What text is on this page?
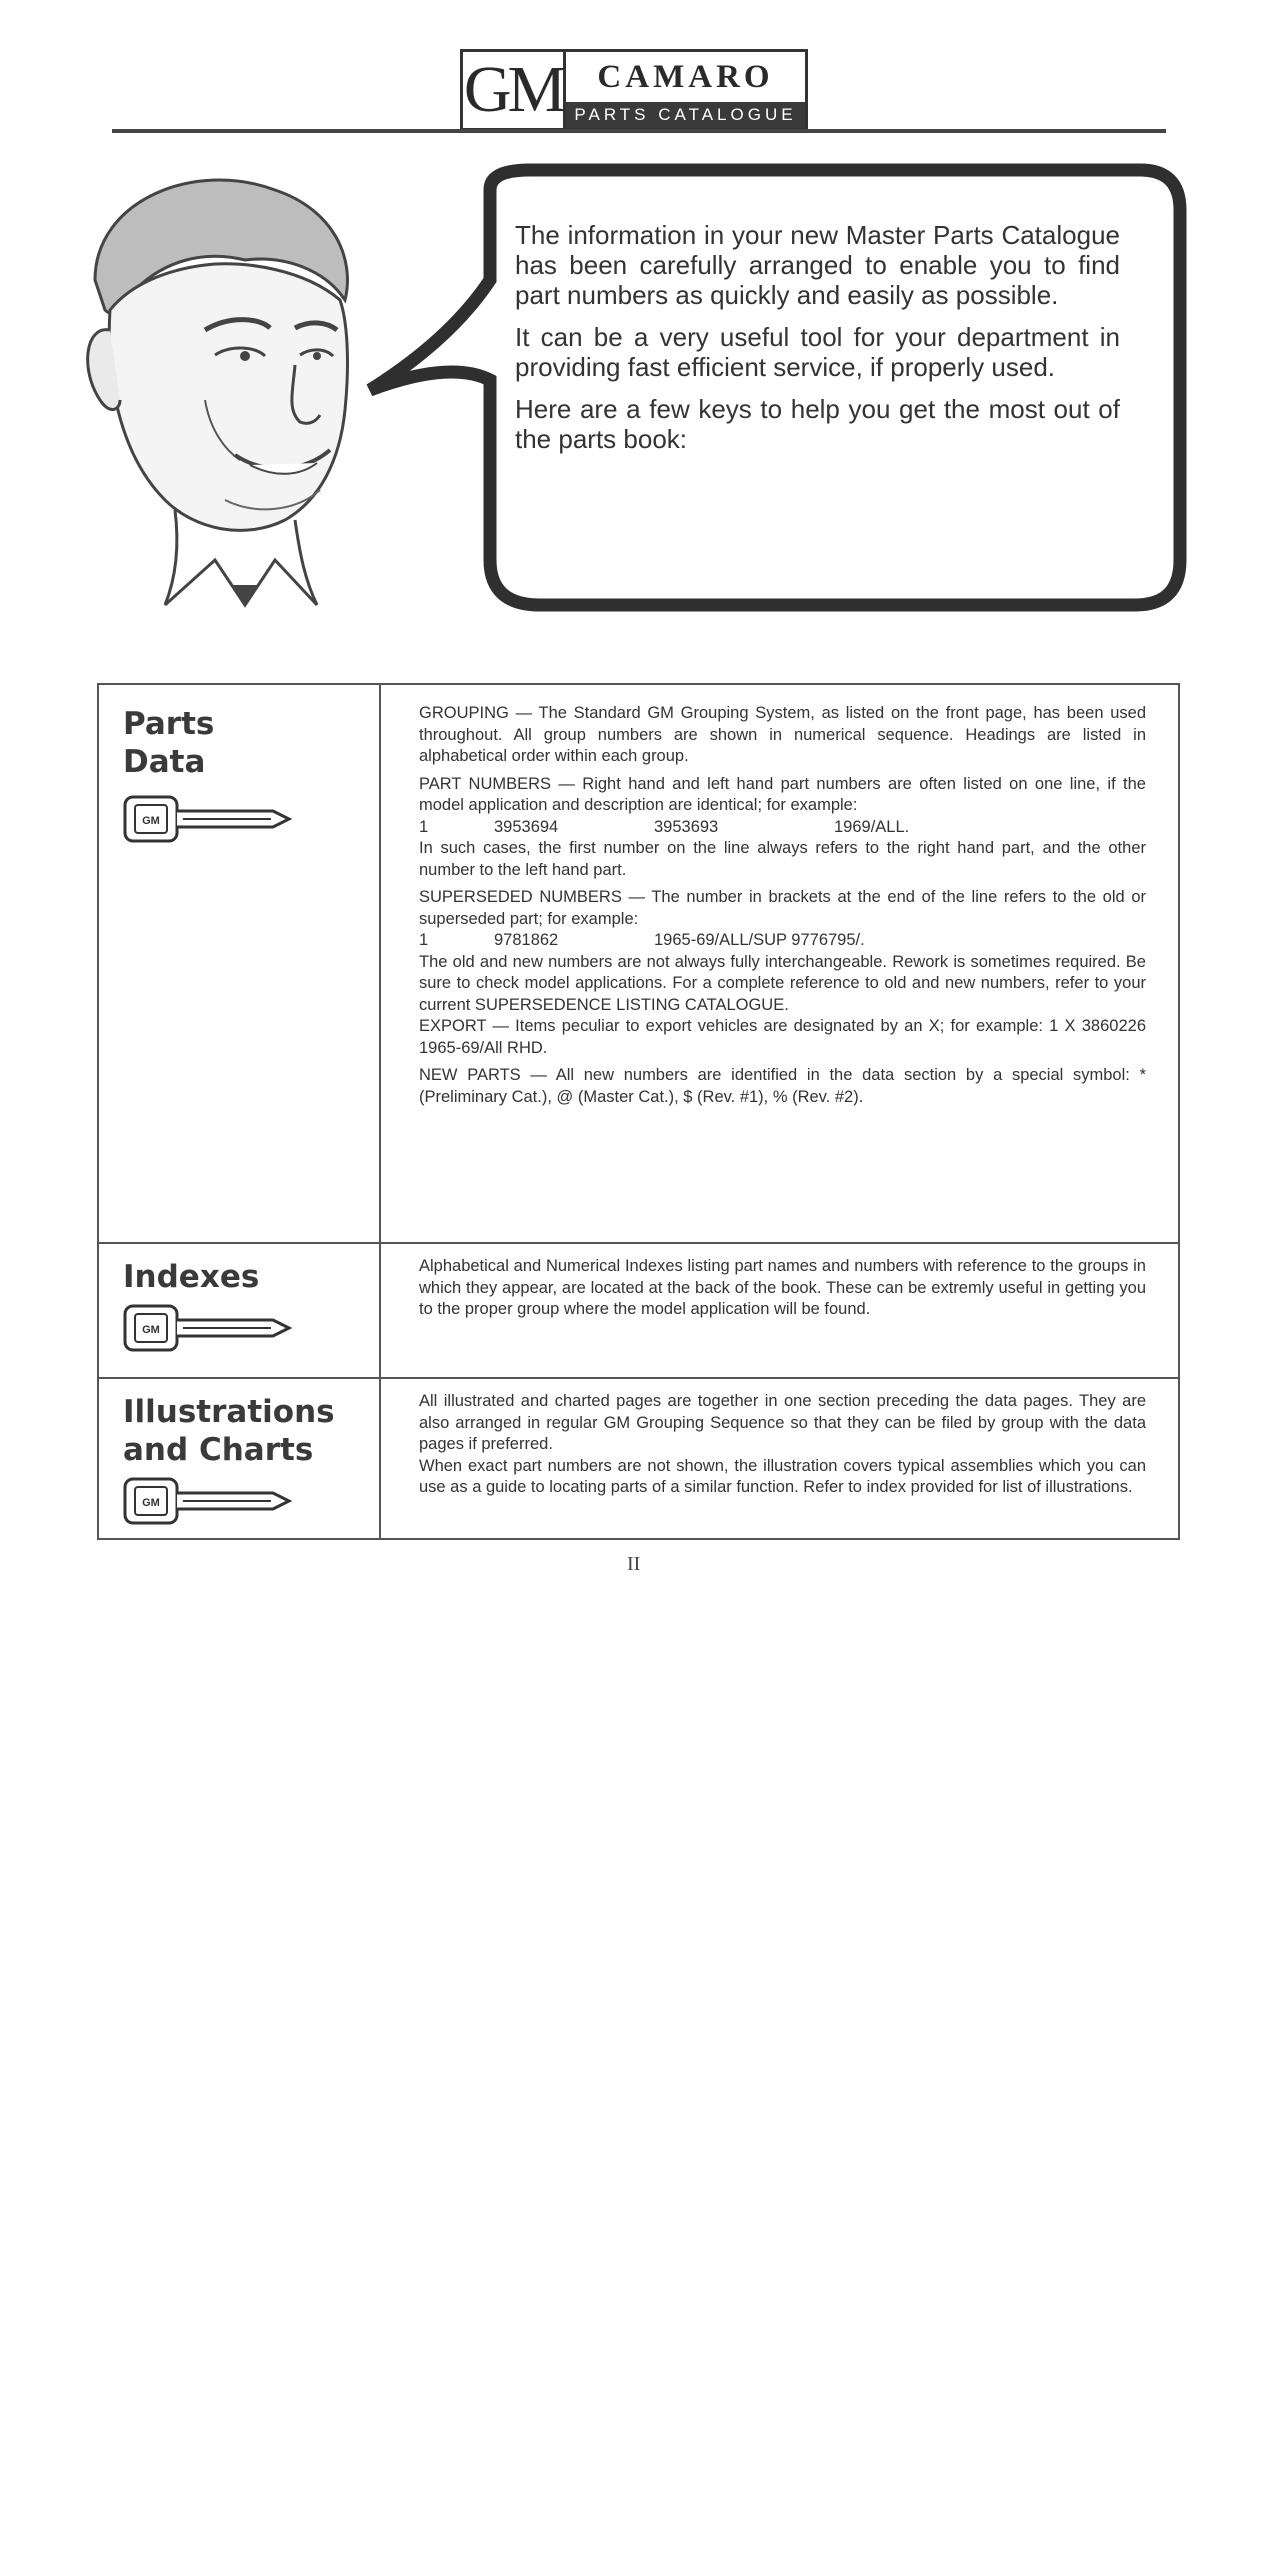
GM	CAMARO
PARTS CATALOGUE

The information in your new Master Parts Catalogue has been carefully arranged to enable you to find part numbers as quickly and easily as possible.

It can be a very useful tool for your department in providing fast efficient service, if properly used.

Here are a few keys to help you get the most out of the parts book:

Parts
Data
GM

GROUPING — The Standard GM Grouping System, as listed on the front page, has been used throughout. All group numbers are shown in numerical sequence. Headings are listed in alphabetical order within each group.

PART NUMBERS — Right hand and left hand part numbers are often listed on one line, if the model application and description are identical; for example:

1	3953694	3953693	1969/ALL.

In such cases, the first number on the line always refers to the right hand part, and the other number to the left hand part.

SUPERSEDED NUMBERS — The number in brackets at the end of the line refers to the old or superseded part; for example:

1	9781862	1965-69/ALL/SUP 9776795/.

The old and new numbers are not always fully interchangeable. Rework is sometimes required. Be sure to check model applications. For a complete reference to old and new numbers, refer to your current SUPERSEDENCE LISTING CATALOGUE.

EXPORT — Items peculiar to export vehicles are designated by an X; for example: 1 X 3860226 1965-69/All RHD.

NEW PARTS — All new numbers are identified in the data section by a special symbol: * (Preliminary Cat.), @ (Master Cat.), $ (Rev. #1), % (Rev. #2).

Indexes
GM
Alphabetical and Numerical Indexes listing part names and numbers with reference to the groups in which they appear, are located at the back of the book. These can be extremly useful in getting you to the proper group where the model application will be found.
Illustrations
and Charts
GM

All illustrated and charted pages are together in one section preceding the data pages. They are also arranged in regular GM Grouping Sequence so that they can be filed by group with the data pages if preferred.

When exact part numbers are not shown, the illustration covers typical assemblies which you can use as a guide to locating parts of a similar function. Refer to index provided for list of illustrations.

II
